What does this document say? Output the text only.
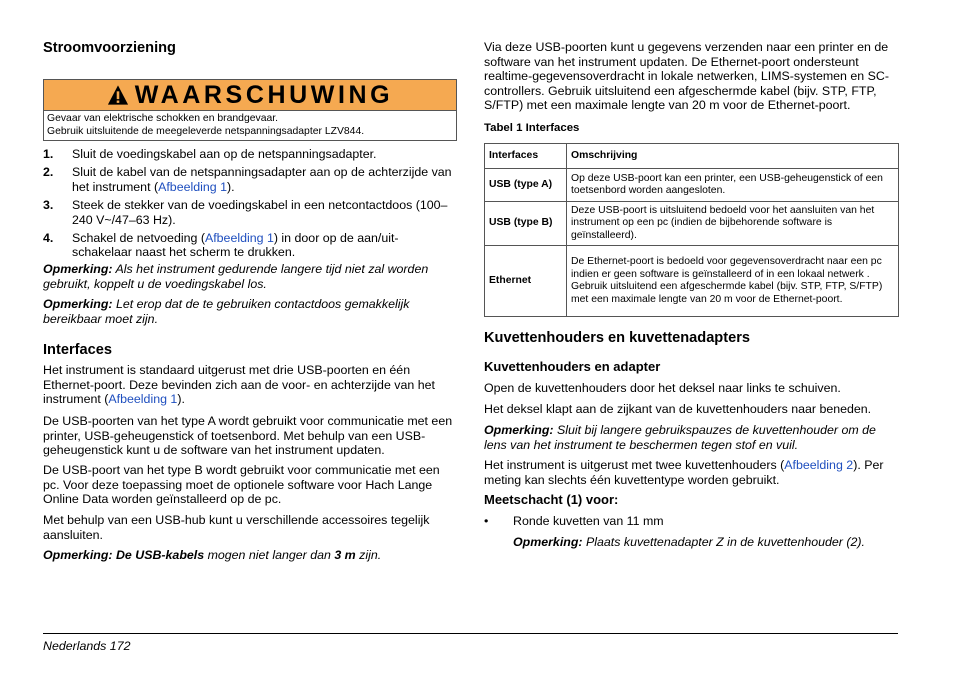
Stroomvoorziening
WAARSCHUWING
Gevaar van elektrische schokken en brandgevaar.
Gebruik uitsluitende de meegeleverde netspanningsadapter LZV844.
1. Sluit de voedingskabel aan op de netspanningsadapter.
2. Sluit de kabel van de netspanningsadapter aan op de achterzijde van het instrument (Afbeelding 1).
3. Steek de stekker van de voedingskabel in een netcontactdoos (100–240 V~/47–63 Hz).
4. Schakel de netvoeding (Afbeelding 1) in door op de aan/uit-schakelaar naast het scherm te drukken.

Opmerking: Als het instrument gedurende langere tijd niet zal worden gebruikt, koppelt u de voedingskabel los.

Opmerking: Let erop dat de te gebruiken contactdoos gemakkelijk bereikbaar moet zijn.

Interfaces

Het instrument is standaard uitgerust met drie USB-poorten en één Ethernet-poort. Deze bevinden zich aan de voor- en achterzijde van het instrument (Afbeelding 1).

De USB-poorten van het type A wordt gebruikt voor communicatie met een printer, USB-geheugenstick of toetsenbord. Met behulp van een USB-geheugenstick kunt u de software van het instrument updaten.

De USB-poort van het type B wordt gebruikt voor communicatie met een pc. Voor deze toepassing moet de optionele software voor Hach Lange Online Data worden geïnstalleerd op de pc.

Met behulp van een USB-hub kunt u verschillende accessoires tegelijk aansluiten.

Opmerking: De USB-kabels mogen niet langer dan 3 m zijn.

Via deze USB-poorten kunt u gegevens verzenden naar een printer en de software van het instrument updaten. De Ethernet-poort ondersteunt realtime-gegevensoverdracht in lokale netwerken, LIMS-systemen en SC-controllers. Gebruik uitsluitend een afgeschermde kabel (bijv. STP, FTP, S/FTP) met een maximale lengte van 20 m voor de Ethernet-poort.

Tabel 1 Interfaces
Interfaces	Omschrijving
USB (type A)	Op deze USB-poort kan een printer, een USB-geheugenstick of een toetsenbord worden aangesloten.
USB (type B)	Deze USB-poort is uitsluitend bedoeld voor het aansluiten van het instrument op een pc (indien de bijbehorende software is geïnstalleerd).
Ethernet	De Ethernet-poort is bedoeld voor gegevensoverdracht naar een pc indien er geen software is geïnstalleerd of in een lokaal netwerk . Gebruik uitsluitend een afgeschermde kabel (bijv. STP, FTP, S/FTP) met een maximale lengte van 20 m voor de Ethernet-poort.
Kuvettenhouders en kuvettenadapters
Kuvettenhouders en adapter

Open de kuvettenhouders door het deksel naar links te schuiven.

Het deksel klapt aan de zijkant van de kuvettenhouders naar beneden.

Opmerking: Sluit bij langere gebruikspauzes de kuvettenhouder om de lens van het instrument te beschermen tegen stof en vuil.

Het instrument is uitgerust met twee kuvettenhouders (Afbeelding 2). Per meting kan slechts één kuvettentype worden gebruikt.

Meetschacht (1) voor:
• Ronde kuvetten van 11 mm

Opmerking: Plaats kuvettenadapter Z in de kuvettenhouder (2).

Nederlands 172
